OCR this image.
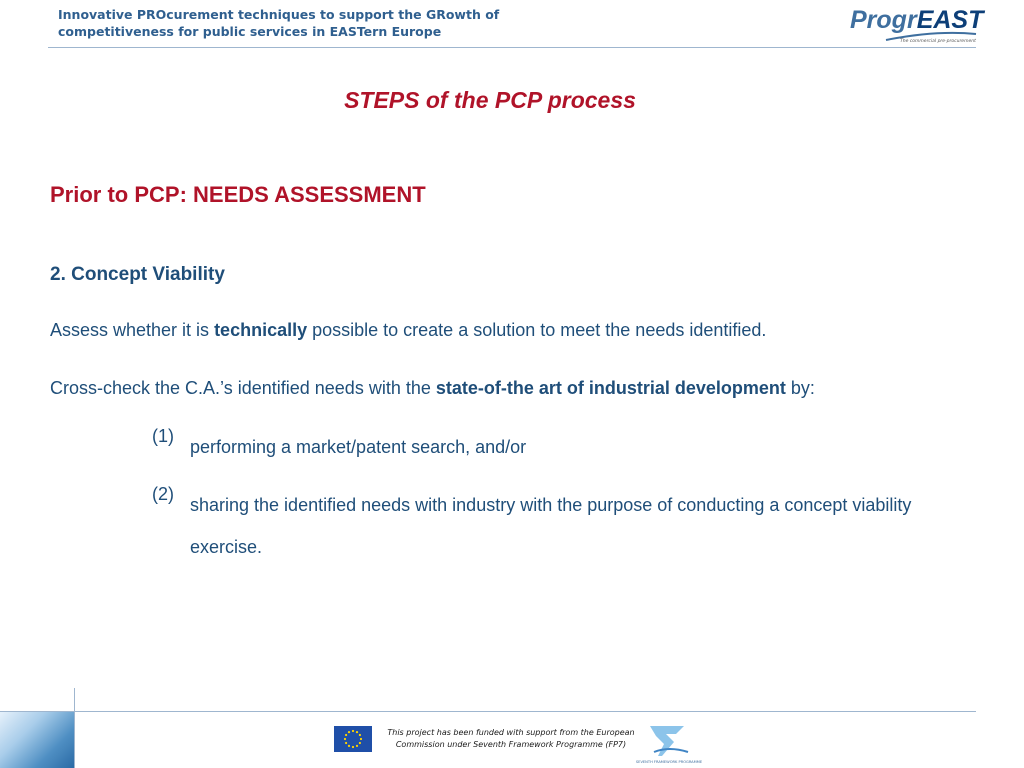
Innovative PROcurement techniques to support the GRowth of
competitiveness for public services in EASTern Europe	ProgrEAST
The commercial pre-procurement
STEPS of the PCP process
Prior to PCP: NEEDS ASSESSMENT
2. Concept Viability
Assess whether it is technically possible to create a solution to meet the needs identified.
Cross-check the C.A.’s identified needs with the state-of-the art of industrial development by:
(1)
performing a market/patent search, and/or
(2)
sharing the identified needs with industry with the purpose of conducting a concept viability exercise.
This project has been funded with support from the European
Commission under Seventh Framework Programme (FP7)
SEVENTH FRAMEWORK PROGRAMME
